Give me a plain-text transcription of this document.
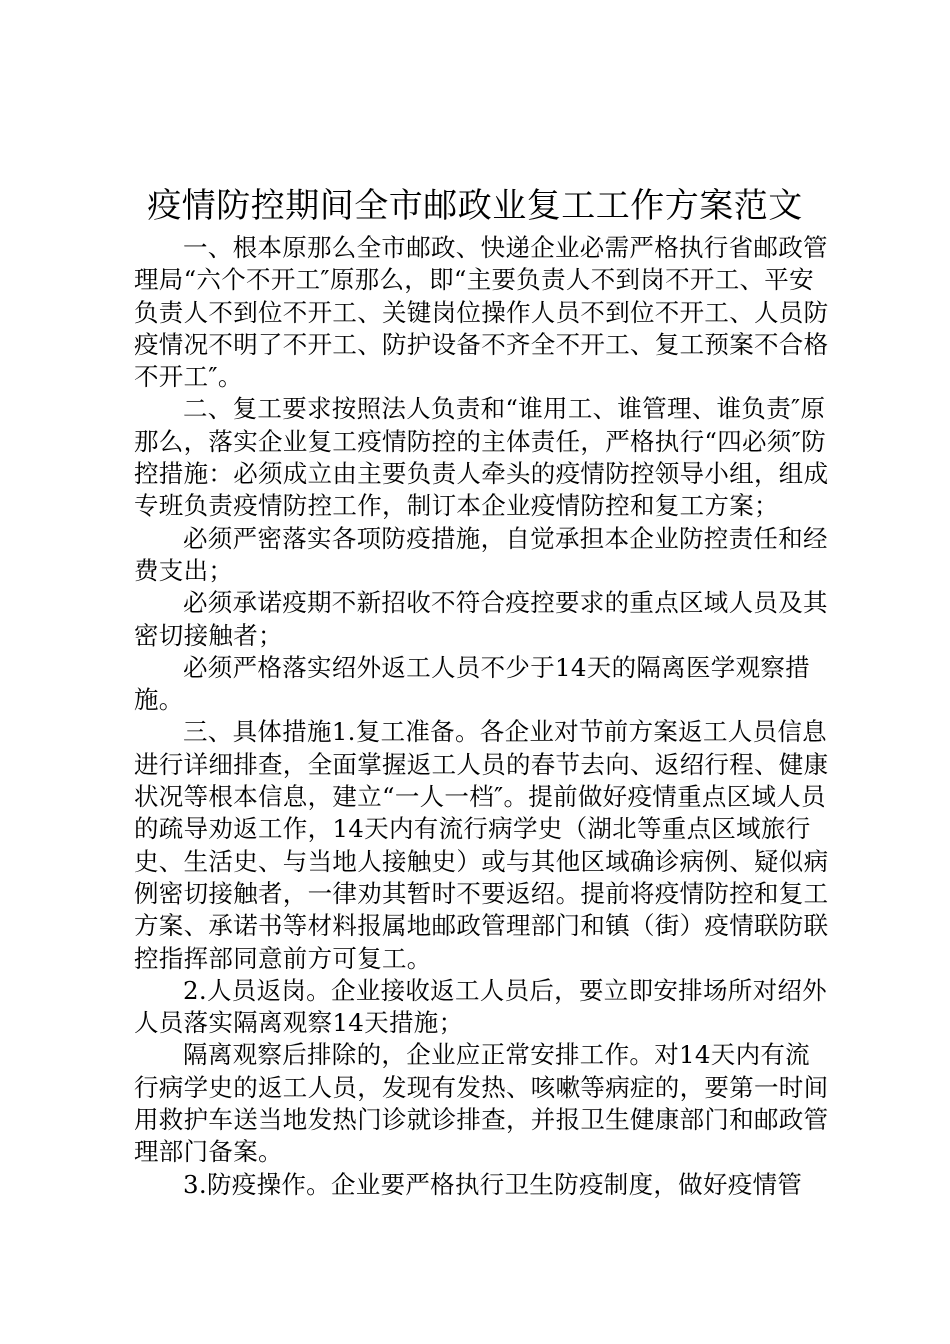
疫情防控期间全市邮政业复工工作方案范文

一、根本原那么全市邮政、快递企业必需严格执行省邮政管理局“六个不开工″原那么，即“主要负责人不到岗不开工、平安负责人不到位不开工、关键岗位操作人员不到位不开工、人员防疫情况不明了不开工、防护设备不齐全不开工、复工预案不合格不开工″。

二、复工要求按照法人负责和“谁用工、谁管理、谁负责″原那么，落实企业复工疫情防控的主体责任，严格执行“四必须″防控措施：必须成立由主要负责人牵头的疫情防控领导小组，组成专班负责疫情防控工作，制订本企业疫情防控和复工方案；

必须严密落实各项防疫措施，自觉承担本企业防控责任和经费支出；

必须承诺疫期不新招收不符合疫控要求的重点区域人员及其密切接触者；

必须严格落实绍外返工人员不少于14天的隔离医学观察措施。

三、具体措施1.复工准备。各企业对节前方案返工人员信息进行详细排查，全面掌握返工人员的春节去向、返绍行程、健康状况等根本信息，建立“一人一档″。提前做好疫情重点区域人员的疏导劝返工作，14天内有流行病学史（湖北等重点区域旅行史、生活史、与当地人接触史）或与其他区域确诊病例、疑似病例密切接触者，一律劝其暂时不要返绍。提前将疫情防控和复工方案、承诺书等材料报属地邮政管理部门和镇（街）疫情联防联控指挥部同意前方可复工。

2.人员返岗。企业接收返工人员后，要立即安排场所对绍外人员落实隔离观察14天措施；

隔离观察后排除的，企业应正常安排工作。对14天内有流行病学史的返工人员，发现有发热、咳嗽等病症的，要第一时间用救护车送当地发热门诊就诊排查，并报卫生健康部门和邮政管理部门备案。

3.防疫操作。企业要严格执行卫生防疫制度，做好疫情管
